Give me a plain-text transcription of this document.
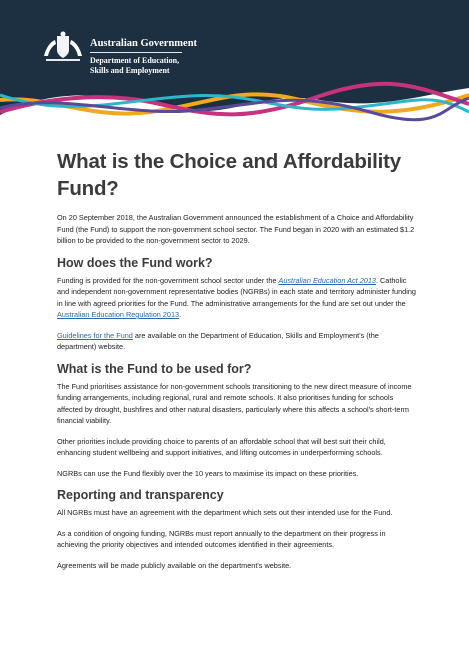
Australian Government
Department of Education,
Skills and Employment
What is the Choice and Affordability Fund?

On 20 September 2018, the Australian Government announced the establishment of a Choice and Affordability Fund (the Fund) to support the non-government school sector. The Fund began in 2020 with an estimated $1.2 billion to be provided to the non-government sector to 2029.

How does the Fund work?

Funding is provided for the non-government school sector under the Australian Education Act 2013. Catholic and independent non-government representative bodies (NGRBs) in each state and territory administer funding in line with agreed priorities for the Fund. The administrative arrangements for the fund are set out under the Australian Education Regulation 2013.

Guidelines for the Fund are available on the Department of Education, Skills and Employment's (the department) website.

What is the Fund to be used for?

The Fund prioritises assistance for non-government schools transitioning to the new direct measure of income funding arrangements, including regional, rural and remote schools. It also prioritises funding for schools affected by drought, bushfires and other natural disasters, particularly where this affects a school's short-term financial viability.

Other priorities include providing choice to parents of an affordable school that will best suit their child, enhancing student wellbeing and support initiatives, and lifting outcomes in underperforming schools.

NGRBs can use the Fund flexibly over the 10 years to maximise its impact on these priorities.

Reporting and transparency

All NGRBs must have an agreement with the department which sets out their intended use for the Fund.

As a condition of ongoing funding, NGRBs must report annually to the department on their progress in achieving the priority objectives and intended outcomes identified in their agreements.

Agreements will be made publicly available on the department's website.
